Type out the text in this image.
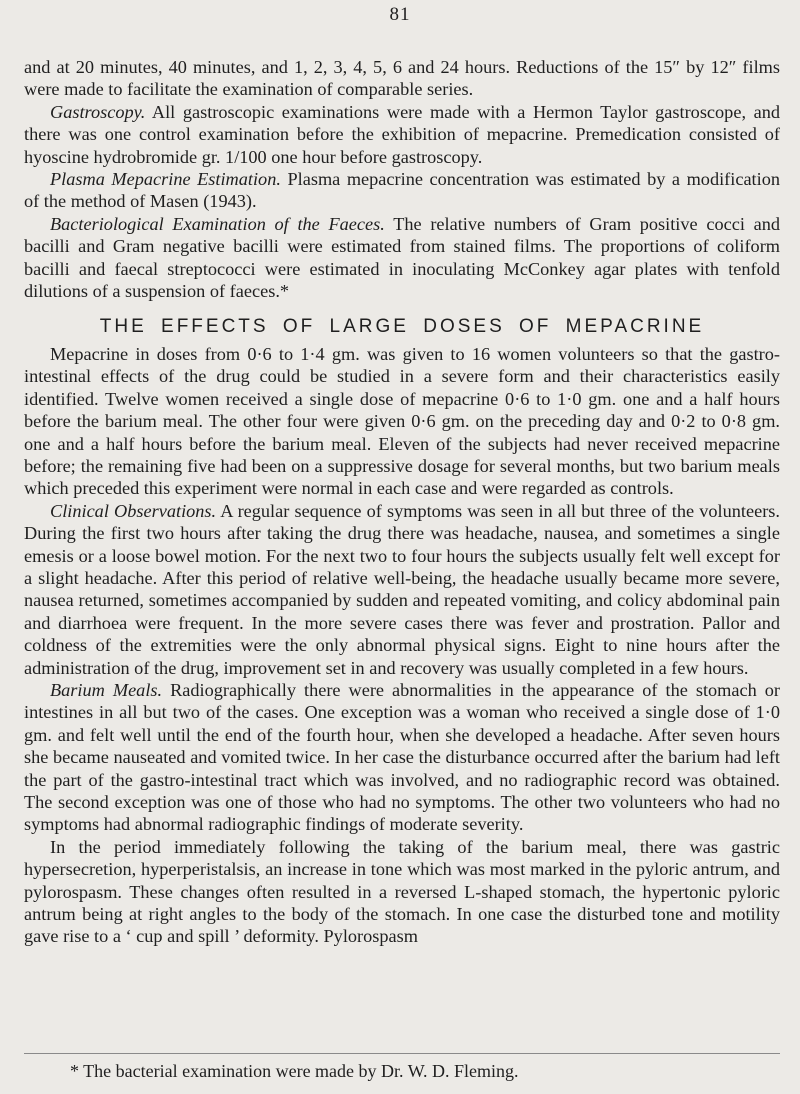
81

and at 20 minutes, 40 minutes, and 1, 2, 3, 4, 5, 6 and 24 hours. Reductions of the 15″ by 12″ films were made to facilitate the examination of comparable series.

Gastroscopy. All gastroscopic examinations were made with a Hermon Taylor gastroscope, and there was one control examination before the exhibition of mepacrine. Premedication consisted of hyoscine hydrobromide gr. 1/100 one hour before gastroscopy.

Plasma Mepacrine Estimation. Plasma mepacrine concentration was estimated by a modification of the method of Masen (1943).

Bacteriological Examination of the Faeces. The relative numbers of Gram positive cocci and bacilli and Gram negative bacilli were estimated from stained films. The proportions of coliform bacilli and faecal streptococci were estimated in inoculating McConkey agar plates with tenfold dilutions of a suspension of faeces.*

THE EFFECTS OF LARGE DOSES OF MEPACRINE

Mepacrine in doses from 0·6 to 1·4 gm. was given to 16 women volunteers so that the gastro-intestinal effects of the drug could be studied in a severe form and their characteristics easily identified. Twelve women received a single dose of mepacrine 0·6 to 1·0 gm. one and a half hours before the barium meal. The other four were given 0·6 gm. on the preceding day and 0·2 to 0·8 gm. one and a half hours before the barium meal. Eleven of the subjects had never received mepacrine before; the remaining five had been on a suppressive dosage for several months, but two barium meals which preceded this experiment were normal in each case and were regarded as controls.

Clinical Observations. A regular sequence of symptoms was seen in all but three of the volunteers. During the first two hours after taking the drug there was headache, nausea, and sometimes a single emesis or a loose bowel motion. For the next two to four hours the subjects usually felt well except for a slight headache. After this period of relative well-being, the headache usually became more severe, nausea returned, sometimes accompanied by sudden and repeated vomiting, and colicy abdominal pain and diarrhoea were frequent. In the more severe cases there was fever and prostration. Pallor and coldness of the extremities were the only abnormal physical signs. Eight to nine hours after the administration of the drug, improvement set in and recovery was usually completed in a few hours.

Barium Meals. Radiographically there were abnormalities in the appearance of the stomach or intestines in all but two of the cases. One exception was a woman who received a single dose of 1·0 gm. and felt well until the end of the fourth hour, when she developed a headache. After seven hours she became nauseated and vomited twice. In her case the disturbance occurred after the barium had left the part of the gastro-intestinal tract which was involved, and no radiographic record was obtained. The second exception was one of those who had no symptoms. The other two volunteers who had no symptoms had abnormal radiographic findings of moderate severity.

In the period immediately following the taking of the barium meal, there was gastric hypersecretion, hyperperistalsis, an increase in tone which was most marked in the pyloric antrum, and pylorospasm. These changes often resulted in a reversed L-shaped stomach, the hypertonic pyloric antrum being at right angles to the body of the stomach. In one case the disturbed tone and motility gave rise to a ‘ cup and spill ’ deformity. Pylorospasm

* The bacterial examination were made by Dr. W. D. Fleming.
